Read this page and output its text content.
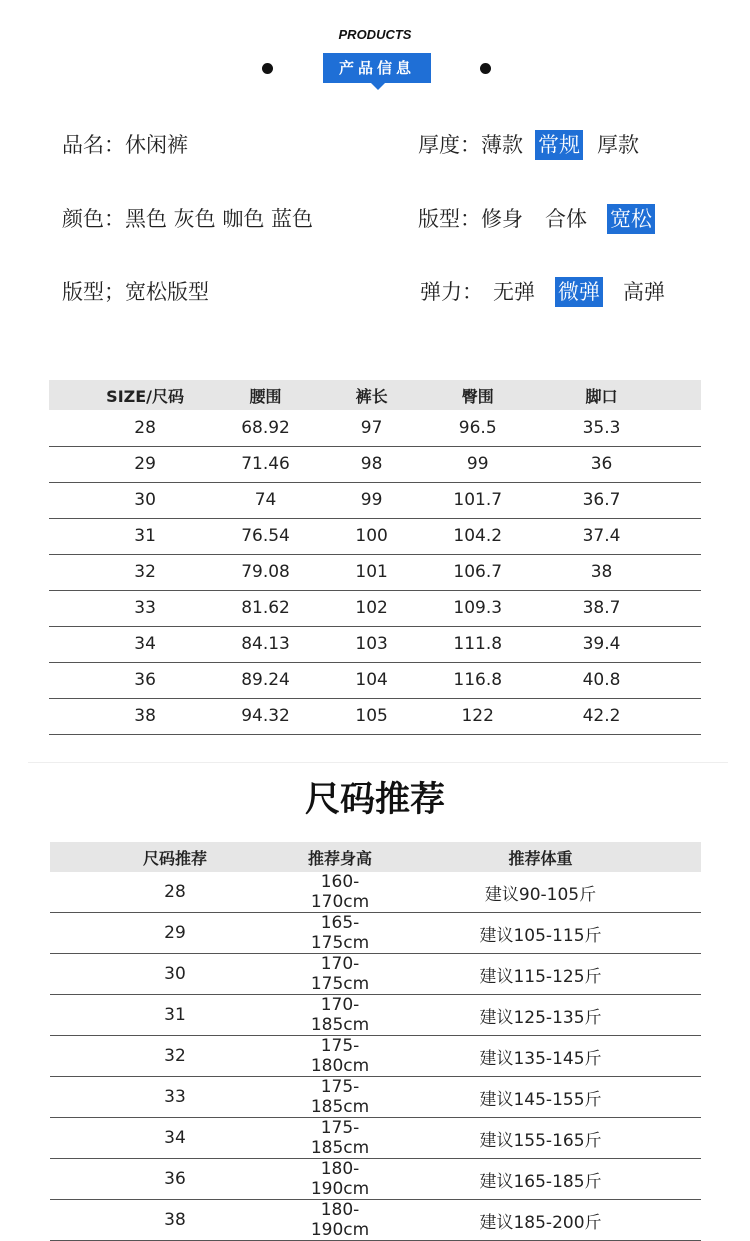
PRODUCTS
产品信息
品名：休闲裤
颜色：黑色 灰色 咖色 蓝色
版型；宽松版型
厚度：薄款 常规 厚款
版型：修身 合体 宽松
弹力： 无弹 微弹 高弹
SIZE/尺码	腰围	裤长	臀围	脚口
28	68.92	97	96.5	35.3
29	71.46	98	99	36
30	74	99	101.7	36.7
31	76.54	100	104.2	37.4
32	79.08	101	106.7	38
33	81.62	102	109.3	38.7
34	84.13	103	111.8	39.4
36	89.24	104	116.8	40.8
38	94.32	105	122	42.2
尺码推荐
尺码推荐	推荐身高	推荐体重
28	160-170cm	建议90-105斤
29	165-175cm	建议105-115斤
30	170-175cm	建议115-125斤
31	170-185cm	建议125-135斤
32	175-180cm	建议135-145斤
33	175-185cm	建议145-155斤
34	175-185cm	建议155-165斤
36	180-190cm	建议165-185斤
38	180-190cm	建议185-200斤
